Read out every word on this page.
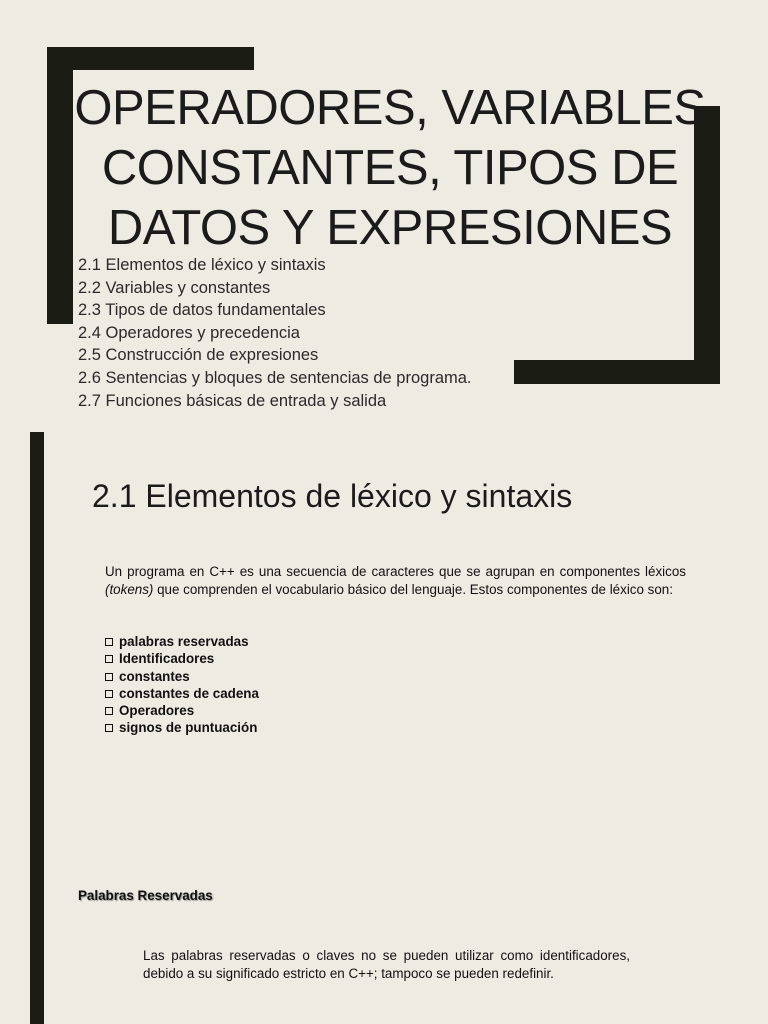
OPERADORES, VARIABLES
CONSTANTES, TIPOS DE
DATOS Y EXPRESIONES
2.1 Elementos de léxico y sintaxis
2.2 Variables y constantes
2.3 Tipos de datos fundamentales
2.4 Operadores y precedencia
2.5 Construcción de expresiones
2.6 Sentencias y bloques de sentencias de programa.
2.7 Funciones básicas de entrada y salida
2.1 Elementos de léxico y sintaxis

Un programa en C++ es una secuencia de caracteres que se agrupan en componentes léxicos (tokens) que comprenden el vocabulario básico del lenguaje. Estos componentes de léxico son:

palabras reservadas
Identificadores
constantes
constantes de cadena
Operadores
signos de puntuación

Palabras Reservadas

Las palabras reservadas o claves no se pueden utilizar como identificadores, debido a su significado estricto en C++; tampoco se pueden redefinir.
